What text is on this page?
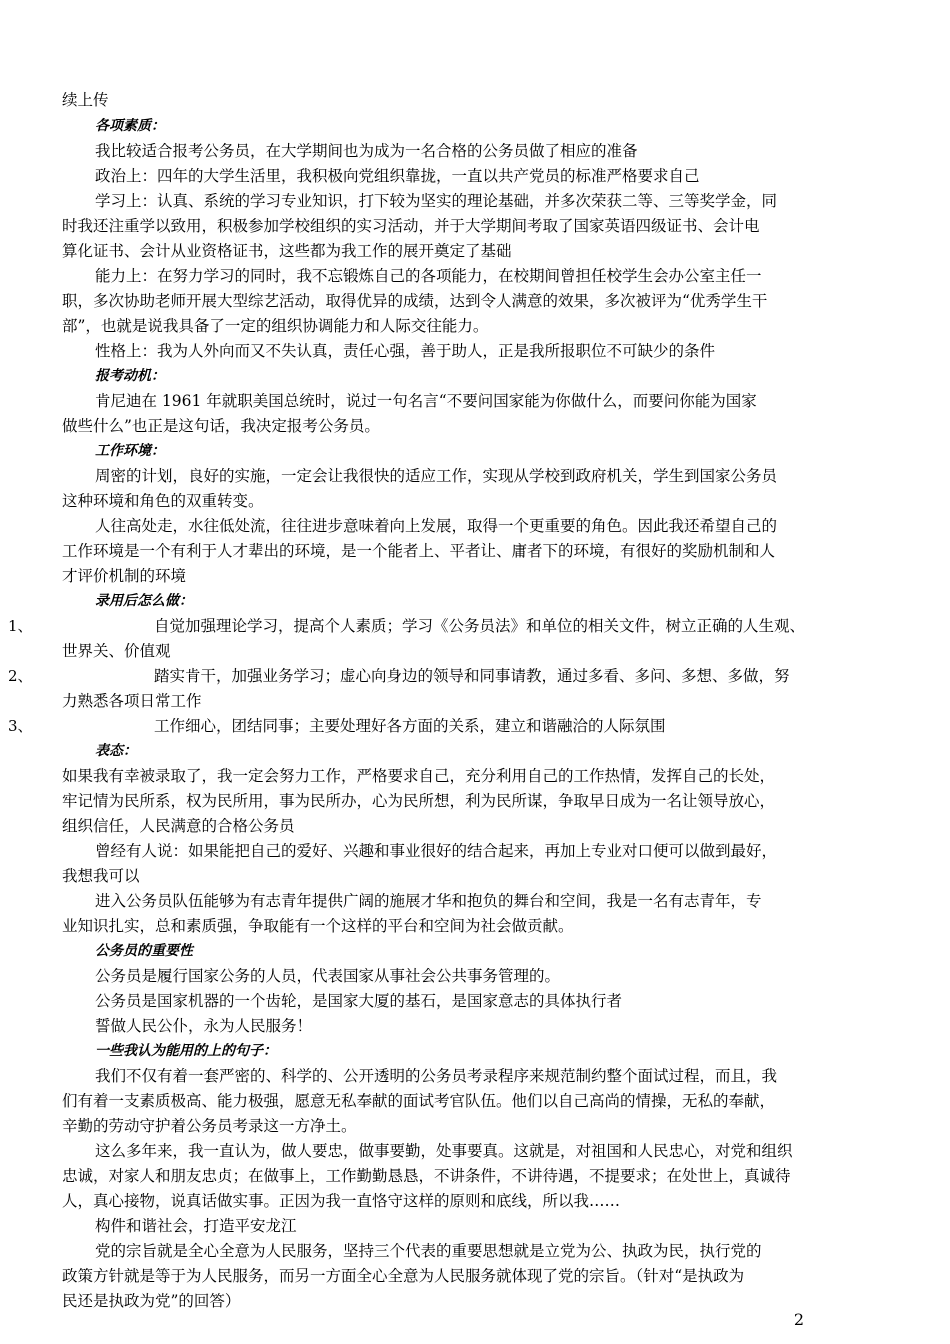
续上传
各项素质：
我比较适合报考公务员，在大学期间也为成为一名合格的公务员做了相应的准备
政治上：四年的大学生活里，我积极向党组织靠拢，一直以共产党员的标准严格要求自己
学习上：认真、系统的学习专业知识，打下较为坚实的理论基础，并多次荣获二等、三等奖学金，同
时我还注重学以致用，积极参加学校组织的实习活动，并于大学期间考取了国家英语四级证书、会计电
算化证书、会计从业资格证书，这些都为我工作的展开奠定了基础
能力上：在努力学习的同时，我不忘锻炼自己的各项能力，在校期间曾担任校学生会办公室主任一
职，多次协助老师开展大型综艺活动，取得优异的成绩，达到令人满意的效果，多次被评为“优秀学生干
部”，也就是说我具备了一定的组织协调能力和人际交往能力。
性格上：我为人外向而又不失认真，责任心强，善于助人，正是我所报职位不可缺少的条件
报考动机：
肯尼迪在 1961 年就职美国总统时，说过一句名言“不要问国家能为你做什么，而要问你能为国家
做些什么”也正是这句话，我决定报考公务员。
工作环境：
周密的计划，良好的实施，一定会让我很快的适应工作，实现从学校到政府机关，学生到国家公务员
这种环境和角色的双重转变。
人往高处走，水往低处流，往往进步意味着向上发展，取得一个更重要的角色。因此我还希望自己的
工作环境是一个有利于人才辈出的环境，是一个能者上、平者让、庸者下的环境，有很好的奖励机制和人
才评价机制的环境
录用后怎么做：
1、	自觉加强理论学习，提高个人素质；学习《公务员法》和单位的相关文件，树立正确的人生观、
世界关、价值观
2、	踏实肯干，加强业务学习；虚心向身边的领导和同事请教，通过多看、多问、多想、多做，努
力熟悉各项日常工作
3、	工作细心，团结同事；主要处理好各方面的关系，建立和谐融洽的人际氛围
表态：
如果我有幸被录取了，我一定会努力工作，严格要求自己，充分利用自己的工作热情，发挥自己的长处，
牢记情为民所系，权为民所用，事为民所办，心为民所想，利为民所谋，争取早日成为一名让领导放心，
组织信任，人民满意的合格公务员
曾经有人说：如果能把自己的爱好、兴趣和事业很好的结合起来，再加上专业对口便可以做到最好，
我想我可以
进入公务员队伍能够为有志青年提供广阔的施展才华和抱负的舞台和空间，我是一名有志青年，专
业知识扎实，总和素质强，争取能有一个这样的平台和空间为社会做贡献。
公务员的重要性
公务员是履行国家公务的人员，代表国家从事社会公共事务管理的。
公务员是国家机器的一个齿轮，是国家大厦的基石，是国家意志的具体执行者
誓做人民公仆，永为人民服务！
一些我认为能用的上的句子：
我们不仅有着一套严密的、科学的、公开透明的公务员考录程序来规范制约整个面试过程，而且，我
们有着一支素质极高、能力极强，愿意无私奉献的面试考官队伍。他们以自己高尚的情操，无私的奉献，
辛勤的劳动守护着公务员考录这一方净土。
这么多年来，我一直认为，做人要忠，做事要勤，处事要真。这就是，对祖国和人民忠心，对党和组织
忠诚，对家人和朋友忠贞；在做事上，工作勤勤恳恳，不讲条件，不讲待遇，不提要求；在处世上，真诚待
人，真心接物，说真话做实事。正因为我一直恪守这样的原则和底线，所以我……
构件和谐社会，打造平安龙江
党的宗旨就是全心全意为人民服务，坚持三个代表的重要思想就是立党为公、执政为民，执行党的
政策方针就是等于为人民服务，而另一方面全心全意为人民服务就体现了党的宗旨。（针对“是执政为
民还是执政为党”的回答）
2
